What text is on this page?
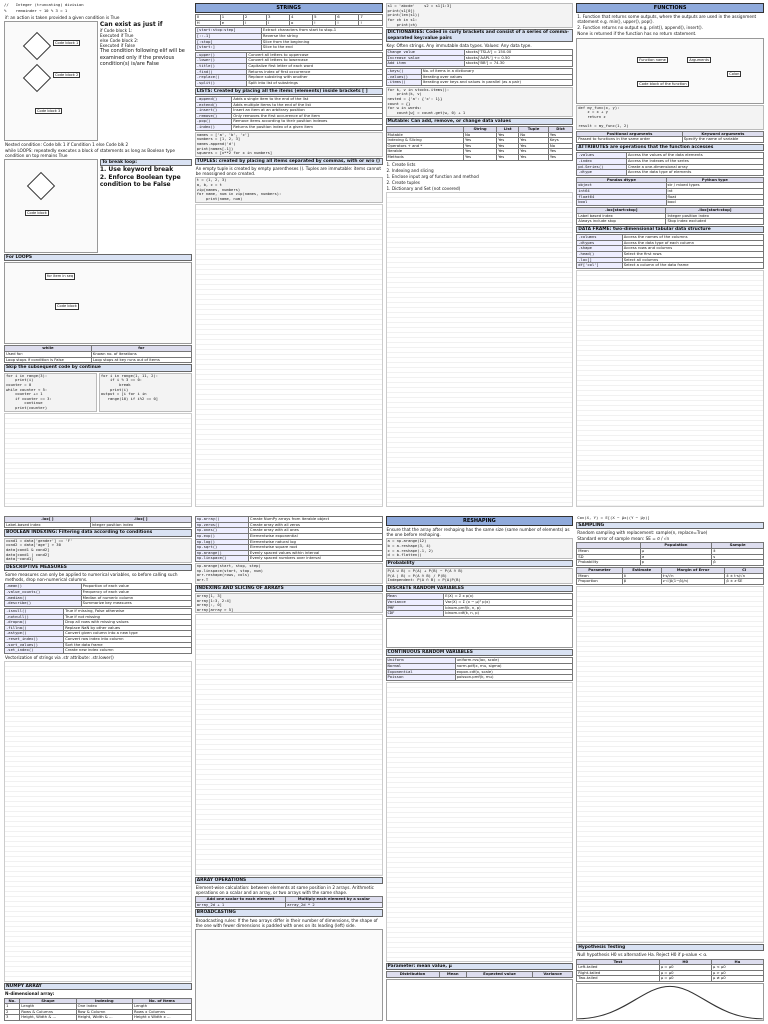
//   Integer (truncating) division
%    remainder → 10 % 3 = 1
if: an action is taken provided a given condition is True
Code block 1
Code block 2
Code block 3
Can exist as just if
if Code block 1:
Executed if True
else Code block 2:
Executed if False
The condition following elif will be examined only if the previous condition(s) is/are False
Nested condition: Code blk 1 if Condition 1 else Code blk 2
while LOOPS: repeatedly executes a block of statements as long as Boolean type condition on top remains True
Code block
To break loop:
1. Use keyword break
2. Enforce Boolean type condition to be False
For LOOPS
for item in seq
Code block
while	for
Used for:	Known no. of iterations
Loop stops if condition is False	Loop stops at key runs out of items
Skip the subsequent code by continue
for i in range(3):
print(i)
counter = 0
while counter < 5:
counter += 1
if counter == 3:
continue
print(counter)
for i in range(1, 11, 2):
if i % 3 == 0:
break
print(i)
output = [i for i in
range(10) if i%2 == 0]
STRINGS
0	1	2	3	4	5	6	7
H	e	l	l	o	!	!	!
[start:stop:step]	Extract characters from start to stop-1
[::-1]	Reverse the string
[:stop]	Slice from the beginning
[start:]	Slice to the end
.upper()	Convert all letters to uppercase
.lower()	Convert all letters to lowercase
.title()	Capitalize first letter of each word
.find()	Returns index of first occurrence
.replace()	Replace substring with another
.split()	Split into list of substrings
LISTS: Created by placing all the items (elements) inside brackets [ ]
.append()	Adds a single item to the end of the list
.extend()	Adds multiple items to the end of the list
.insert()	Insert an item at an arbitrary position
.remove()	Only removes the first occurrence of the item
.pop()	Remove items according to their position indexes
.index()	Returns the position index of a given item
names = ['a', 'b', 'c']
numbers = [1, 2, 3]
names.append('d')
print(names[-1])
squares = [x**2 for x in numbers]
TUPLES: created by placing all items separated by commas, with or w/o ()
An empty tuple is created by empty parentheses (). Tuples are immutable: items cannot be reassigned once created.
t = (1, 2, 3)
a, b, c = t
zip(names, numbers)
for name, num in zip(names, numbers):
print(name, num)
s1 = 'abcde'    s2 = s1[1:3]
print(s1[0])
print(len(s1))
for ch in s1:
print(ch)
DICTIONARIES: Coded in curly brackets and consist of a series of comma-separated key:value pairs
Key: Often strings. Any immutable data types. Values: Any data type.
Change value	stocks['TSLA'] = 150.00
Increase value	stocks['AAPL'] += 0.50
Add item	stocks['BB'] = 74.30
.keys()	No. of items in a dictionary
.values()	Iterating over values
.items()	Iterating over keys and values in parallel (as a pair)
for k, v in stocks.items():
print(k, v)
nested = {'a': {'x': 1}}
count = {}
for w in words:
count[w] = count.get(w, 0) + 1
Mutable: Can add, remove, or change data values
	String	List	Tuple	Dict
Mutable	No	Yes	No	Yes
Indexing & Slicing	Yes	Yes	Yes	Keys
Operators + and *	Yes	Yes	Yes	No
Iterable	Yes	Yes	Yes	Yes
Methods	Yes	Yes	Yes	Yes
1. Create lists
2. Indexing and slicing
1. Enclose input arg of function and method
2. Create tuples
1. Dictionary and Set (not covered)
FUNCTIONS
1. Function that returns some outputs, where the outputs are used in the assignment statement e.g. min(), upper(), pop().
2. Function returns no output e.g. print(), append(), insert().
None is returned if the function has no return statement.
Function name	Arguments
Colon
Code block of the function
def my_func(x, y):
z = x + y
return z

result = my_func(1, 2)
Positional arguments	Keyword arguments
Passed to functions in the same order	Specify the name of variable
ATTRIBUTES are operations that the function accesses
.values	Access the values of the data elements
.index	Access the indexes of the series
pd.Series()	Create a one-dimensional array
.dtype	Access the data type of elements
Pandas dtype	Python type
object	str / mixed types
int64	int
float64	float
bool	bool
.loc[start:stop]	.iloc[start:stop]
Label based index	Integer position index
Always include stop	Stop index excluded
DATA FRAME: two-dimensional tabular data structure
.columns	Access the names of the columns
.dtypes	Access the data type of each column
.shape	Access rows and columns
.head()	Select the first rows
.loc[]	Select all columns
df['col']	Select a column of the data frame
.loc[ ]	.iloc[ ]
Label-based index	Integer position index
BOOLEAN INDEXING: Filtering data according to conditions
cond1 = data['gender'] == 'F'
cond2 = data['age'] > 30
data[cond1 & cond2]
data[cond1 | cond2]
data[~cond1]
DESCRIPTIVE MEASURES
Some measures can only be applied to numerical variables, so before calling such methods, drop non-numerical columns.
.mean()	Proportion of each value
.value_counts()	Frequency of each value
.median()	Median of numeric column
.describe()	Summarize key measures
.isnull()	True if missing, False otherwise
.notnull()	True if not missing
.dropna()	Drop all rows with missing values
.fillna()	Replace NaN by other values
.astype()	Convert given column into a new type
.reset_index()	Convert row index into column
.sort_values()	Sort the data frame
.set_index()	Create new index column
Vectorization of strings via .str attribute: .str.lower()
NUMPY ARRAY
N-dimensional array:
No.	Shape	Indexing	No. of items
1	Length	One index	Length
2	Rows & Columns	Row & Column	Rows x Columns
3	Height, Width & ...	Height, Width & ...	Height x Width x ...
np.array()	Create NumPy arrays from iterable object
np.zeros()	Create array with all zeros
np.ones()	Create array with all ones
np.exp()	Elementwise exponential
np.log()	Elementwise natural log
np.sqrt()	Elementwise square root
np.arange()	Evenly spaced values within interval
np.linspace()	Evenly spaced numbers over interval
np.arange(start, stop, step)
np.linspace(start, stop, num)
arr.reshape(rows, cols)
arr.T
INDEXING AND SLICING OF ARRAYS
array[1, 3]
array[1:3, 2:4]
array[:, 0]
array[array > 5]
ARRAY OPERATIONS
Element-wise calculation: between elements at same position in 2 arrays. Arithmetic operations on a scalar and an array, or two arrays with the same shape.
Add one scalar to each element	Multiply each element by a scalar
array_2d + 1	array_2d * 2
BROADCASTING
Broadcasting rules: If the two arrays differ in their number of dimensions, the shape of the one with fewer dimensions is padded with ones on its leading (left) side.
RESHAPING
Ensure that the array after reshaping has the same size (same number of elements) as the one before reshaping.
a = np.arange(12)
b = a.reshape(3, 4)
c = a.reshape(-1, 2)
d = b.flatten()
Probability
P(A ∪ B) = P(A) + P(B) − P(A ∩ B)
P(A | B) = P(A ∩ B) / P(B)
Independent: P(A ∩ B) = P(A)P(B)
DISCRETE RANDOM VARIABLES
Mean	E(X) = Σ x p(x)
Variance	Var(X) = Σ (x − μ)² p(x)
PMF	binom.pmf(k, n, p)
CDF	binom.cdf(k, n, p)
CONTINUOUS RANDOM VARIABLES
Uniform	uniform.rvs(loc, scale)
Normal	norm.pdf(x, mu, sigma)
Exponential	expon.cdf(x, scale)
Poisson	poisson.pmf(k, mu)
Parameter: mean value, μ
Distribution	Mean	Expected value	Variance
Cov(X, Y) = E[(X − μx)(Y − μy)]
SAMPLING
Random sampling with replacement: sample(n, replace=True)
Standard error of sample mean: SE = σ / √n
	Population	Sample
Mean	μ	x̄
SD	σ	s
Probability	p	p̂
Parameter	Estimate	Margin of Error	CI
Mean	x̄	t·s/√n	x̄ ± t·s/√n
Proportion	p̂	z·√(p̂(1−p̂)/n)	p̂ ± z·SE
Hypothesis Testing
Null hypothesis H0 vs alternative Ha. Reject H0 if p-value < α.
Test	H0	Ha
Left-tailed	μ = μ0	μ < μ0
Right-tailed	μ = μ0	μ > μ0
Two-tailed	μ = μ0	μ ≠ μ0
